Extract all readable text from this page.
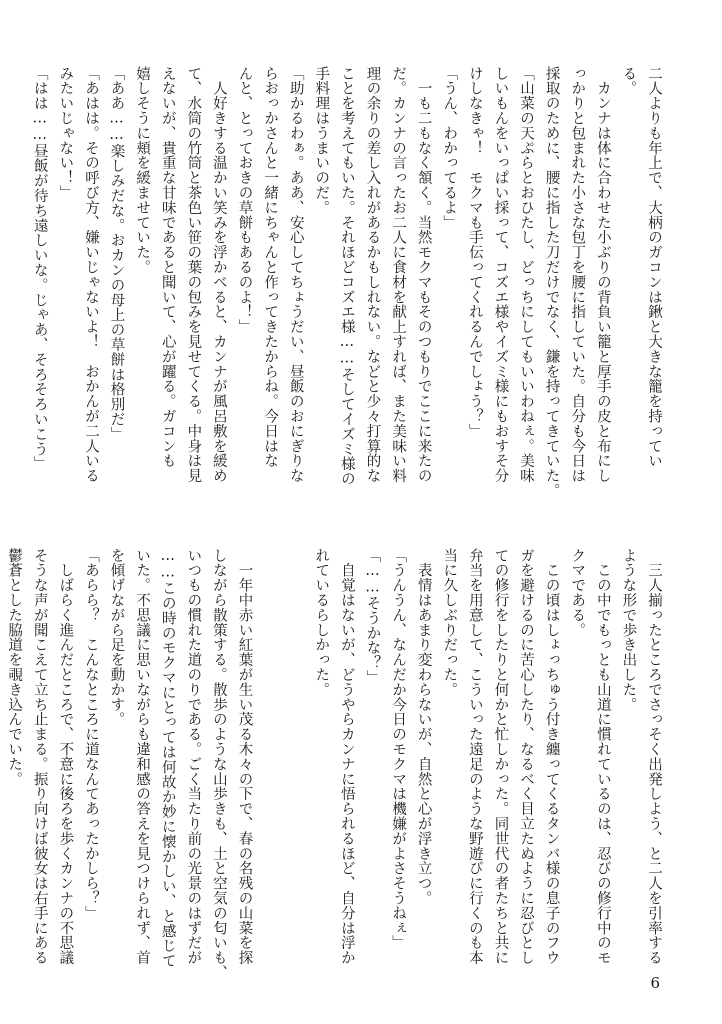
二人よりも年上で、大柄のガコンは鍬と大きな籠を持ってい
る。
　カンナは体に合わせた小ぶりの背負い籠と厚手の皮と布にし
っかりと包まれた小さな包丁を腰に指していた。自分も今日は
採取のために、腰に指した刀だけでなく、鎌を持ってきていた。
「山菜の天ぷらとおひたし、どっちにしてもいいわねぇ。美味
しいもんをいっぱい採って、コズエ様やイズミ様にもおすそ分
けしなきゃ！　モクマも手伝ってくれるんでしょう？」
「うん、わかってるよ」
　一も二もなく頷く。当然モクマもそのつもりでここに来たの
だ。カンナの言ったお二人に食材を献上すれば、また美味い料
理の余りの差し入れがあるかもしれない。などと少々打算的な
ことを考えてもいた。それほどコズエ様……そしてイズミ様の
手料理はうまいのだ。
「助かるわぁ。ああ、安心してちょうだい、昼飯のおにぎりな
らおっかさんと一緒にちゃんと作ってきたからね。今日はな
んと、とっておきの草餅もあるのよ！」
　人好きする温かい笑みを浮かべると、カンナが風呂敷を緩め
て、水筒の竹筒と茶色い笹の葉の包みを見せてくる。中身は見
えないが、貴重な甘味であると聞いて、心が躍る。ガコンも
嬉しそうに頬を緩ませていた。
「ああ……楽しみだな。おカンの母上の草餅は格別だ」
「あはは。その呼び方、嫌いじゃないよ！　おかんが二人いる
みたいじゃない！」
「はは……昼飯が待ち遠しいな。じゃあ、そろそろいこう」
　三人揃ったところでさっそく出発しよう、と二人を引率する
ような形で歩き出した。
　この中でもっとも山道に慣れているのは、忍びの修行中のモ
クマである。
　この頃はしょっちゅう付き纏ってくるタンバ様の息子のフウ
ガを避けるのに苦心したり、なるべく目立たぬように忍びとし
ての修行をしたりと何かと忙しかった。同世代の者たちと共に
弁当を用意して、こういった遠足のような野遊びに行くのも本
当に久しぶりだった。
　表情はあまり変わらないが、自然と心が浮き立つ。
「うんうん、なんだか今日のモクマは機嫌がよさそうねぇ」
「……そうかな？」
　自覚はないが、どうやらカンナに悟られるほど、自分は浮か
れているらしかった。
　一年中赤い紅葉が生い茂る木々の下で、春の名残の山菜を探
しながら散策する。散歩のような山歩きも、土と空気の匂いも、
いつもの慣れた道のりである。ごく当たり前の光景のはずだが
……この時のモクマにとっては何故か妙に懐かしい、と感じて
いた。不思議に思いながらも違和感の答えを見つけられず、首
を傾げながら足を動かす。
「あらら？　こんなところに道なんてあったかしら？」
　しばらく進んだところで、不意に後ろを歩くカンナの不思議
そうな声が聞こえて立ち止まる。振り向けば彼女は右手にある
鬱蒼とした脇道を覗き込んでいた。
6
